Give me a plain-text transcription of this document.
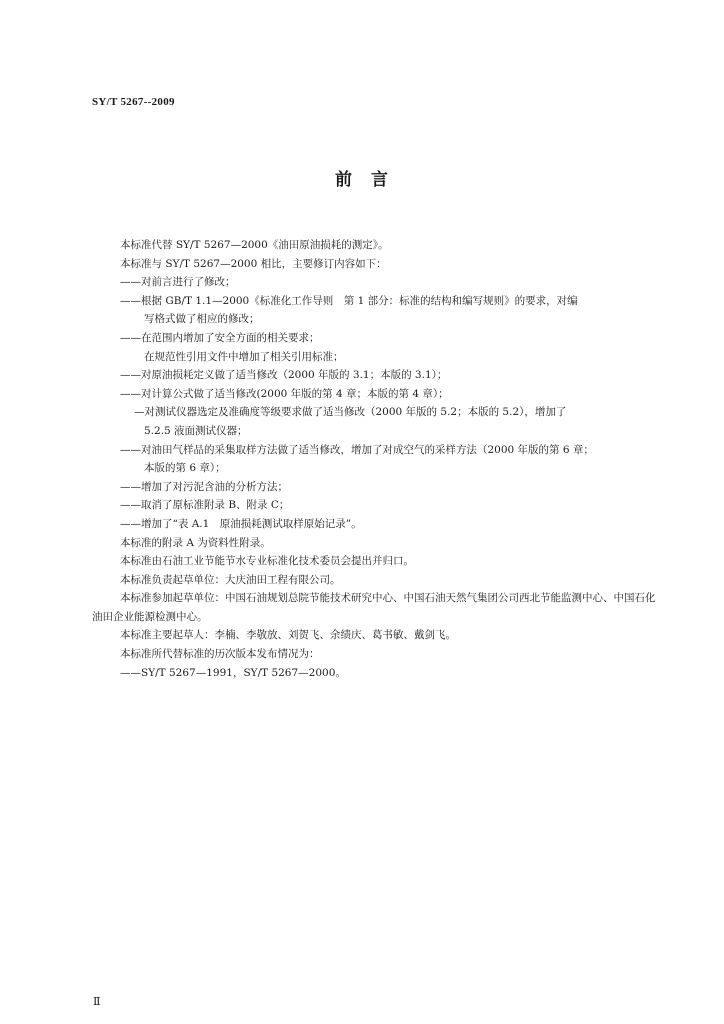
SY/T 5267--2009
前　言
本标准代替 SY/T 5267—2000《油田原油损耗的测定》。
本标准与 SY/T 5267—2000 相比，主要修订内容如下：
——对前言进行了修改；
——根据 GB/T 1.1—2000《标准化工作导则　第 1 部分：标准的结构和编写规则》的要求，对编
写格式做了相应的修改；
——在范围内增加了安全方面的相关要求；
在规范性引用文件中增加了相关引用标准；
——对原油损耗定义做了适当修改（2000 年版的 3.1；本版的 3.1）；
——对计算公式做了适当修改(2000 年版的第 4 章；本版的第 4 章）；
—对测试仪器选定及准确度等级要求做了适当修改（2000 年版的 5.2；本版的 5.2），增加了
5.2.5 液面测试仪器；
——对油田气样品的采集取样方法做了适当修改，增加了对成空气的采样方法（2000 年版的第 6 章；
本版的第 6 章）；
——增加了对污泥含油的分析方法；
——取消了原标准附录 B、附录 C；
——增加了“表 A.1　原油损耗测试取样原始记录”。
本标准的附录 A 为资料性附录。
本标准由石油工业节能节水专业标准化技术委员会提出并归口。
本标准负责起草单位：大庆油田工程有限公司。
本标准参加起草单位：中国石油规划总院节能技术研究中心、中国石油天然气集团公司西北节能监测中心、中国石化油田企业能源检测中心。
本标准主要起草人：李楠、李敬放、刘贺飞、余绩庆、葛书敏、戴剑飞。
本标准所代替标准的历次版本发布情况为：
——SY/T 5267—1991，SY/T 5267—2000。
Ⅱ
